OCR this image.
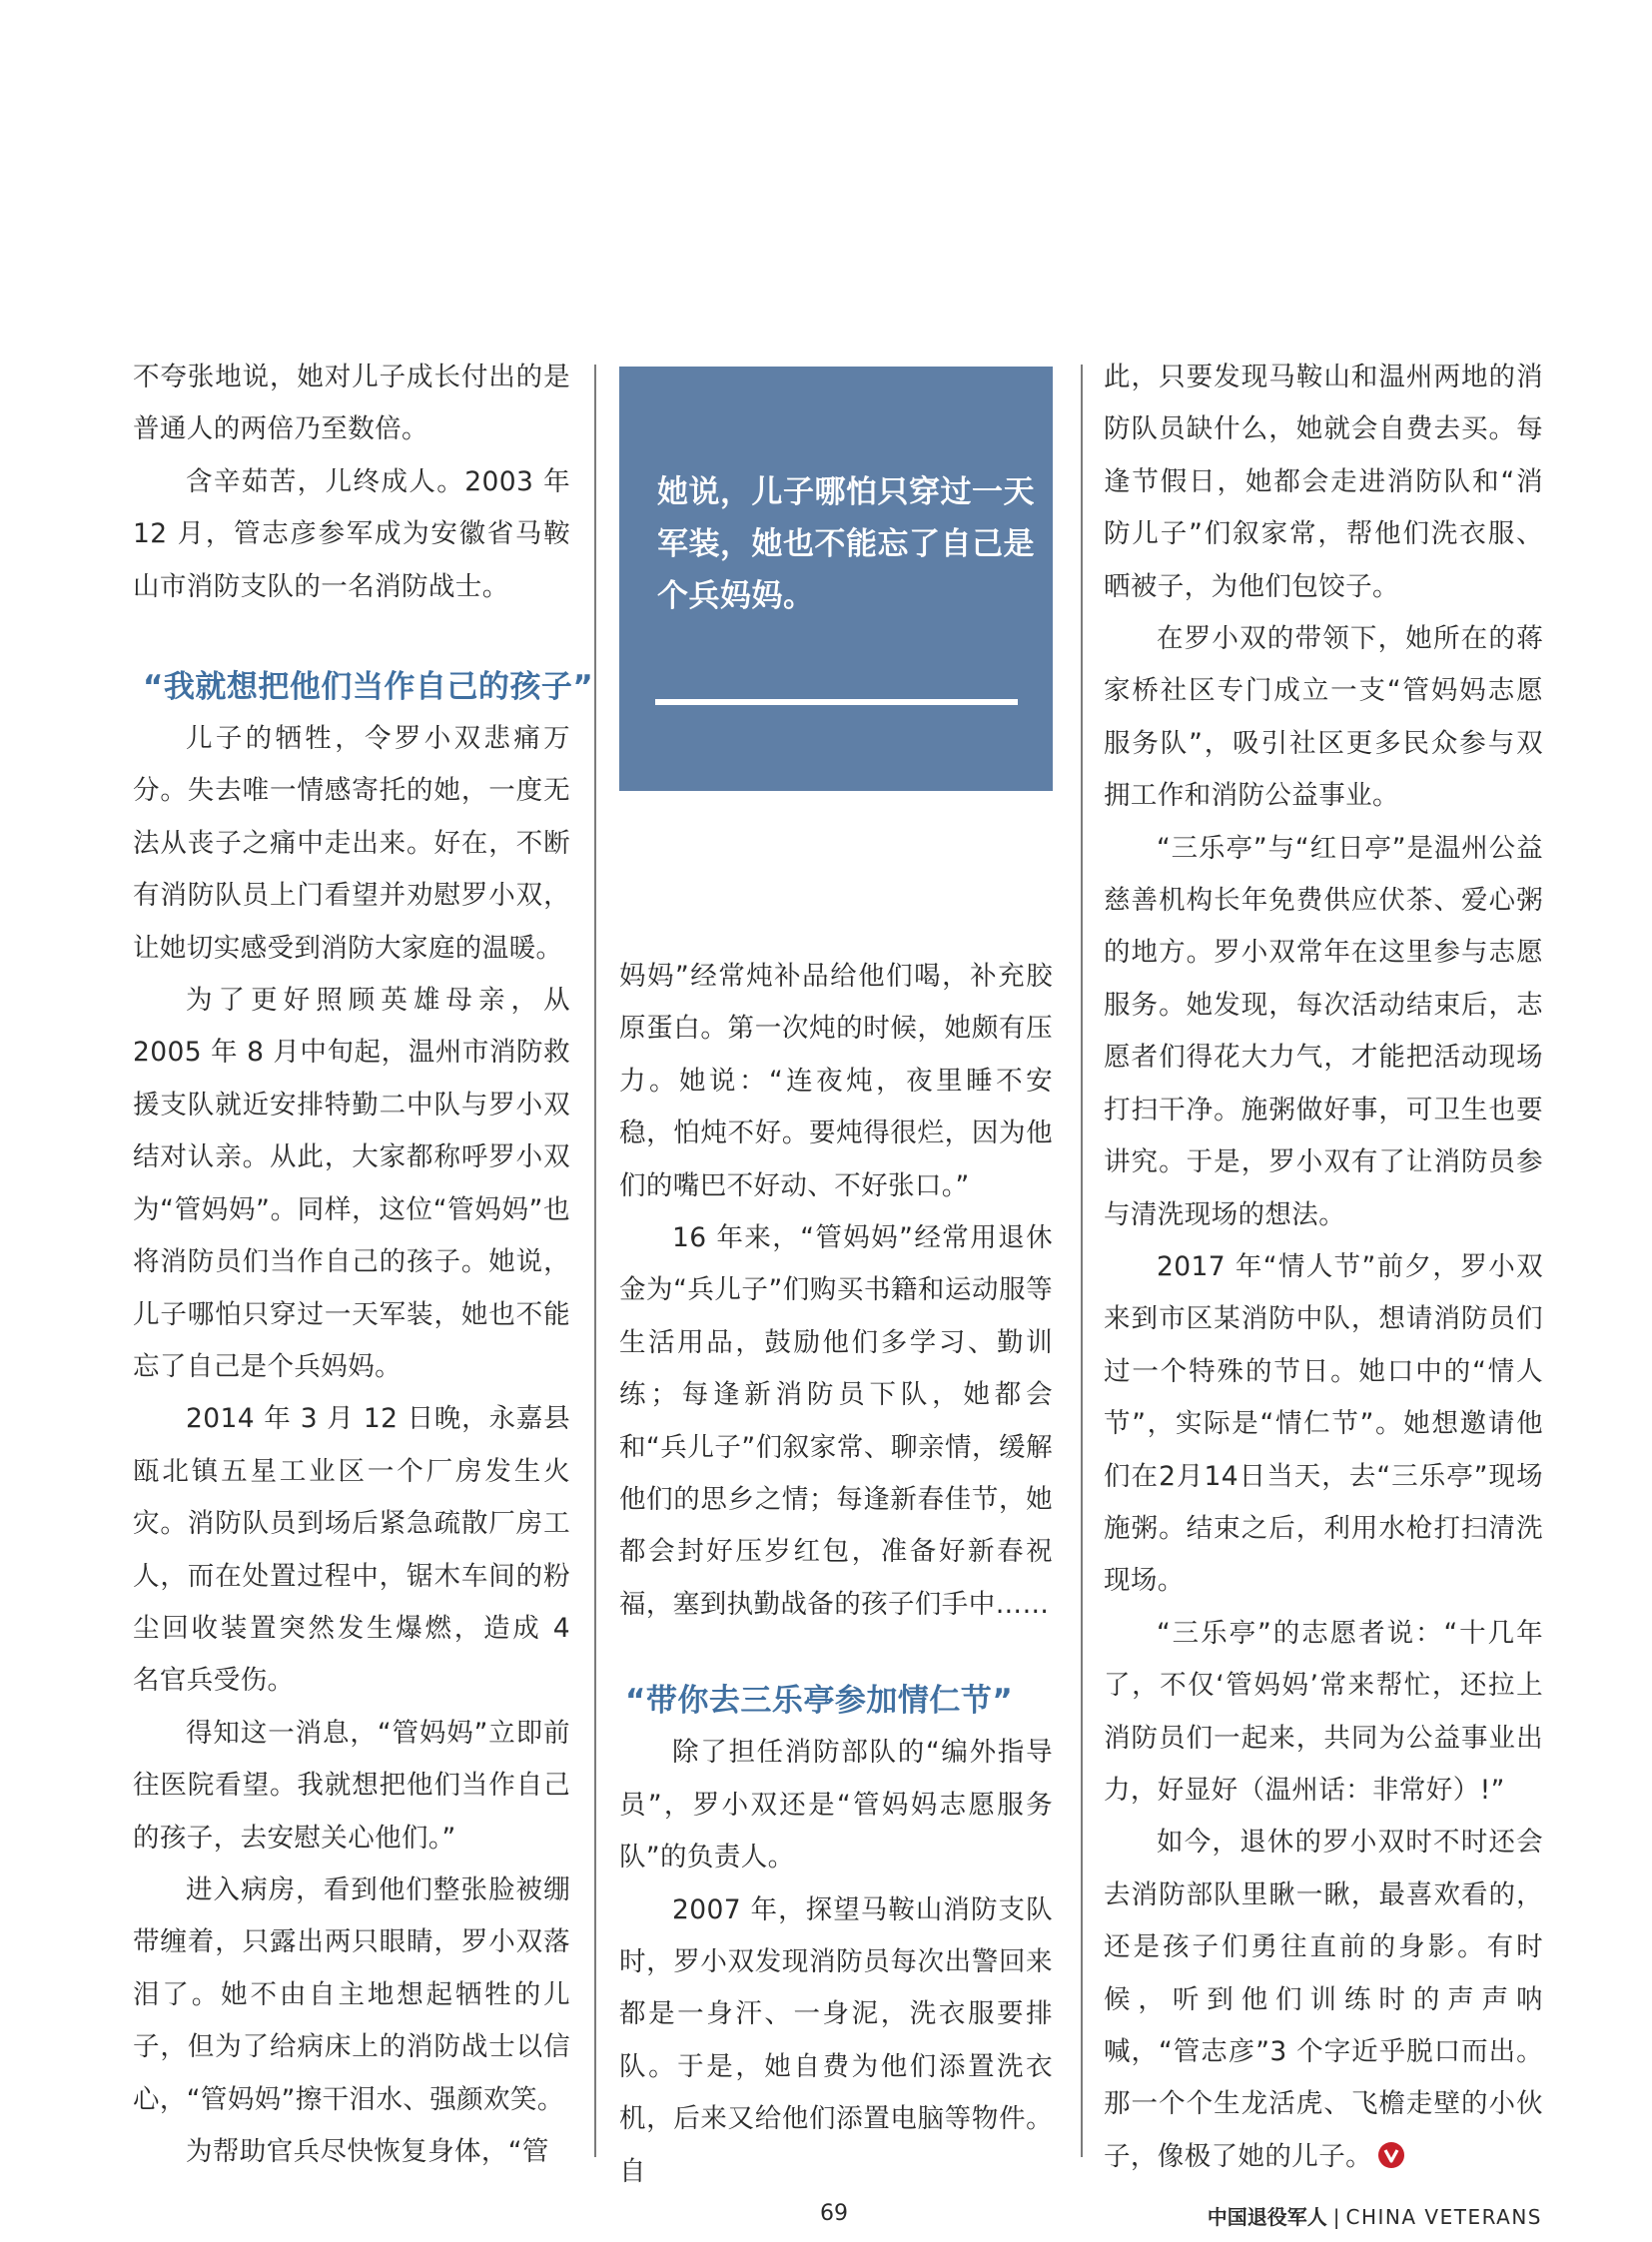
不夸张地说，她对儿子成长付出的是普通人的两倍乃至数倍。

含辛茹苦，儿终成人。2003 年 12 月，管志彦参军成为安徽省马鞍山市消防支队的一名消防战士。

“我就想把他们当作自己的孩子”

儿子的牺牲，令罗小双悲痛万分。失去唯一情感寄托的她，一度无法从丧子之痛中走出来。好在，不断有消防队员上门看望并劝慰罗小双，让她切实感受到消防大家庭的温暖。

为了更好照顾英雄母亲，从 2005 年 8 月中旬起，温州市消防救援支队就近安排特勤二中队与罗小双结对认亲。从此，大家都称呼罗小双为“管妈妈”。同样，这位“管妈妈”也将消防员们当作自己的孩子。她说，儿子哪怕只穿过一天军装，她也不能忘了自己是个兵妈妈。

2014 年 3 月 12 日晚，永嘉县瓯北镇五星工业区一个厂房发生火灾。消防队员到场后紧急疏散厂房工人，而在处置过程中，锯木车间的粉尘回收装置突然发生爆燃，造成 4 名官兵受伤。

得知这一消息，“管妈妈”立即前往医院看望。我就想把他们当作自己的孩子，去安慰关心他们。”

进入病房，看到他们整张脸被绷带缠着，只露出两只眼睛，罗小双落泪了。她不由自主地想起牺牲的儿子，但为了给病床上的消防战士以信心，“管妈妈”擦干泪水、强颜欢笑。

为帮助官兵尽快恢复身体，“管

她说，儿子哪怕只穿过一天军装，她也不能忘了自己是个兵妈妈。

妈妈”经常炖补品给他们喝，补充胶原蛋白。第一次炖的时候，她颇有压力。她说：“连夜炖，夜里睡不安稳，怕炖不好。要炖得很烂，因为他们的嘴巴不好动、不好张口。”

16 年来，“管妈妈”经常用退休金为“兵儿子”们购买书籍和运动服等生活用品，鼓励他们多学习、勤训练；每逢新消防员下队，她都会和“兵儿子”们叙家常、聊亲情，缓解他们的思乡之情；每逢新春佳节，她都会封好压岁红包，准备好新春祝福，塞到执勤战备的孩子们手中……

“带你去三乐亭参加情仁节”

除了担任消防部队的“编外指导员”，罗小双还是“管妈妈志愿服务队”的负责人。

2007 年，探望马鞍山消防支队时，罗小双发现消防员每次出警回来都是一身汗、一身泥，洗衣服要排队。于是，她自费为他们添置洗衣机，后来又给他们添置电脑等物件。自

此，只要发现马鞍山和温州两地的消防队员缺什么，她就会自费去买。每逢节假日，她都会走进消防队和“消防儿子”们叙家常，帮他们洗衣服、晒被子，为他们包饺子。

在罗小双的带领下，她所在的蒋家桥社区专门成立一支“管妈妈志愿服务队”，吸引社区更多民众参与双拥工作和消防公益事业。

“三乐亭”与“红日亭”是温州公益慈善机构长年免费供应伏茶、爱心粥的地方。罗小双常年在这里参与志愿服务。她发现，每次活动结束后，志愿者们得花大力气，才能把活动现场打扫干净。施粥做好事，可卫生也要讲究。于是，罗小双有了让消防员参与清洗现场的想法。

2017 年“情人节”前夕，罗小双来到市区某消防中队，想请消防员们过一个特殊的节日。她口中的“情人节”，实际是“情仁节”。她想邀请他们在2月14日当天，去“三乐亭”现场施粥。结束之后，利用水枪打扫清洗现场。

“三乐亭”的志愿者说：“十几年了，不仅‘管妈妈’常来帮忙，还拉上消防员们一起来，共同为公益事业出力，好显好（温州话：非常好）!”

如今，退休的罗小双时不时还会去消防部队里瞅一瞅，最喜欢看的，还是孩子们勇往直前的身影。有时候，听到他们训练时的声声呐喊，“管志彦”3 个字近乎脱口而出。那一个个生龙活虎、飞檐走壁的小伙子，像极了她的儿子。

69	中国退役军人 | CHINA VETERANS
